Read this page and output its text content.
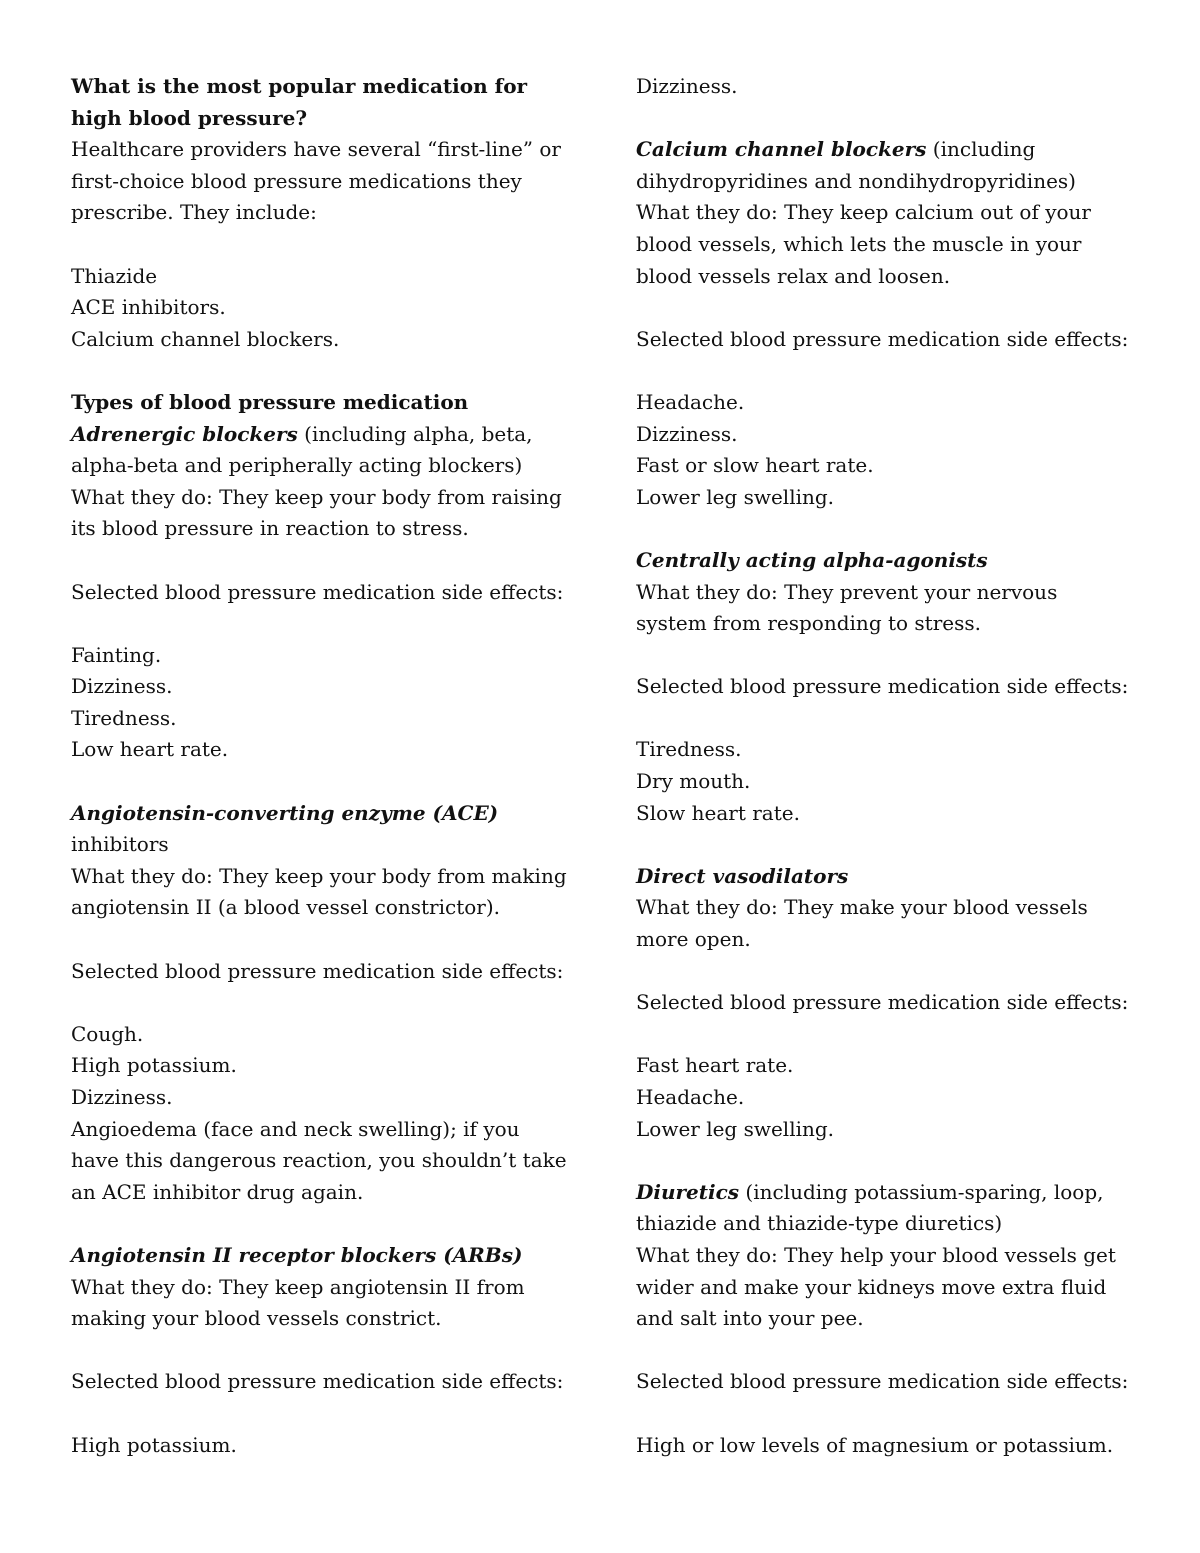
What is the most popular medication for high blood pressure?

Healthcare providers have several “first-line” or first-choice blood pressure medications they prescribe. They include:

Thiazide

ACE inhibitors.

Calcium channel blockers.

Types of blood pressure medication

Adrenergic blockers (including alpha, beta, alpha-beta and peripherally acting blockers)

What they do: They keep your body from raising its blood pressure in reaction to stress.

Selected blood pressure medication side effects:

Fainting.

Dizziness.

Tiredness.

Low heart rate.

Angiotensin-converting enzyme (ACE)

inhibitors

What they do: They keep your body from making angiotensin II (a blood vessel constrictor).

Selected blood pressure medication side effects:

Cough.

High potassium.

Dizziness.

Angioedema (face and neck swelling); if you have this dangerous reaction, you shouldn’t take an ACE inhibitor drug again.

Angiotensin II receptor blockers (ARBs)

What they do: They keep angiotensin II from making your blood vessels constrict.

Selected blood pressure medication side effects:

High potassium.

Dizziness.

Calcium channel blockers (including dihydropyridines and nondihydropyridines)

What they do: They keep calcium out of your blood vessels, which lets the muscle in your blood vessels relax and loosen.

Selected blood pressure medication side effects:

Headache.

Dizziness.

Fast or slow heart rate.

Lower leg swelling.

Centrally acting alpha-agonists

What they do: They prevent your nervous system from responding to stress.

Selected blood pressure medication side effects:

Tiredness.

Dry mouth.

Slow heart rate.

Direct vasodilators

What they do: They make your blood vessels more open.

Selected blood pressure medication side effects:

Fast heart rate.

Headache.

Lower leg swelling.

Diuretics (including potassium-sparing, loop, thiazide and thiazide-type diuretics)

What they do: They help your blood vessels get wider and make your kidneys move extra fluid and salt into your pee.

Selected blood pressure medication side effects:

High or low levels of magnesium or potassium.
